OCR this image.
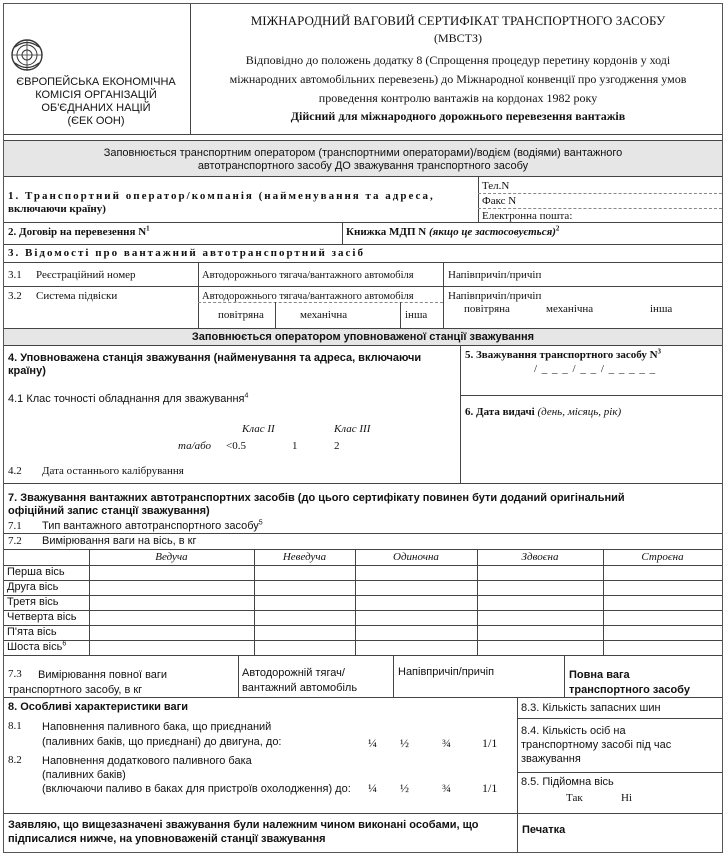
ЄВРОПЕЙСЬКА ЕКОНОМІЧНА
КОМІСІЯ ОРГАНІЗАЦІЙ
ОБ'ЄДНАНИХ НАЦІЙ
(ЄЕК ООН)
МІЖНАРОДНИЙ ВАГОВИЙ СЕРТИФІКАТ ТРАНСПОРТНОГО ЗАСОБУ
(МВСТЗ)
Відповідно до положень додатку 8 (Спрощення процедур перетину кордонів у ході
міжнародних автомобільних перевезень) до Міжнародної конвенції про узгодження умов
проведення контролю вантажів на кордонах 1982 року
Дійсний для міжнародного дорожнього перевезення вантажів
Заповнюється транспортним оператором (транспортними операторами)/водієм (водіями) вантажного
автотранспортного засобу ДО зважування транспортного засобу
1. Транспортний оператор/компанія (найменування та адреса,
включаючи країну)
Тел.N
Факс N
Електронна пошта:
2. Договір на перевезення $N^1$	Книжка МДП N (якщо це застосовується)$^2$
3. Відомості про вантажний автотранспортний засіб
3.1 Реєстраційний номер	Автодорожнього тягача/вантажного автомобіля	Напівпричіп/причіп
3.2 Система підвіски	Автодорожнього тягача/вантажного автомобіля
повітряна	механічна	інша
Напівпричіп/причіп
повітряна	механічна	інша
Заповнюється оператором уповноваженої станції зважування
4. Уповноважена станція зважування (найменування та адреса, включаючи
країну)
5. Зважування транспортного засобу $N^3$
/ _ _ _ / _ _ / _ _ _ _ _
6. Дата видачі (день, місяць, рік)
4.1 Клас точності обладнання для зважування$^4$
Клас ІІ	Клас ІІІ
та/або <0.5	1	2
4.2 Дата останнього калібрування
7. Зважування вантажних автотранспортних засобів (до цього сертифікату повинен бути доданий оригінальний
офіційний запис станції зважування)
7.1 Тип вантажного автотранспортного засобу$^5$
7.2 Вимірювання ваги на вісь, в кг
Ведуча	Неведуча	Одиночна	Здвоєна	Строєна
Перша вісь
Друга вісь
Третя вісь
Четверта вісь
П'ята вісь
Шоста вісь$^6$
7.3 Вимірювання повної ваги
транспортного засобу, в кг
Автодорожній тягач/
вантажний автомобіль
Напівпричіп/причіп	Повна вага
транспортного засобу
8. Особливі характеристики ваги
8.1 Наповнення паливного бака, що приєднаний
(паливних баків, що приєднані) до двигуна, до:	¼ ½	¾	1/1
8.2 Наповнення додаткового паливного бака
(паливних баків)
(включаючи паливо в баках для пристроїв охолодження) до: ¼ ½	¾	1/1
8.3. Кількість запасних шин
8.4. Кількість осіб на
транспортному засобі під час
зважування
8.5. Підйомна вісь
Так	Ні
Заявляю, що вищезазначені зважування були належним чином виконані особами, що
підписалися нижче, на уповноваженій станції зважування
Печатка
